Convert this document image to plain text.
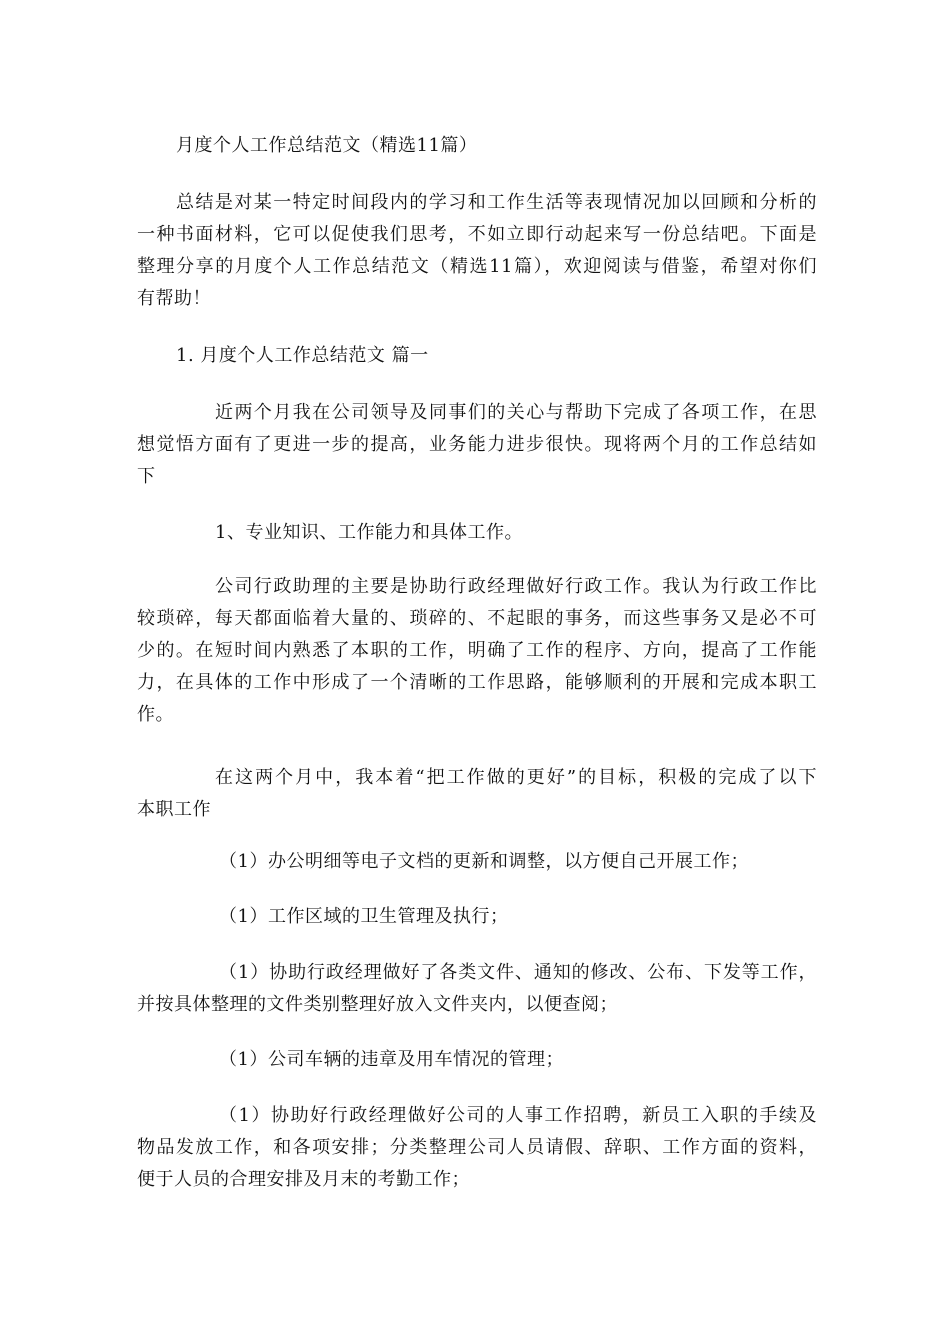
月度个人工作总结范文（精选11篇）

总结是对某一特定时间段内的学习和工作生活等表现情况加以回顾和分析的
一种书面材料，它可以促使我们思考，不如立即行动起来写一份总结吧。下面是
整理分享的月度个人工作总结范文（精选11篇），欢迎阅读与借鉴，希望对你们
有帮助！

1. 月度个人工作总结范文 篇一

近两个月我在公司领导及同事们的关心与帮助下完成了各项工作，在思
想觉悟方面有了更进一步的提高，业务能力进步很快。现将两个月的工作总结如
下

1、专业知识、工作能力和具体工作。

公司行政助理的主要是协助行政经理做好行政工作。我认为行政工作比
较琐碎，每天都面临着大量的、琐碎的、不起眼的事务，而这些事务又是必不可
少的。在短时间内熟悉了本职的工作，明确了工作的程序、方向，提高了工作能
力，在具体的工作中形成了一个清晰的工作思路，能够顺利的开展和完成本职工
作。

在这两个月中，我本着“把工作做的更好”的目标，积极的完成了以下
本职工作

（1）办公明细等电子文档的更新和调整，以方便自己开展工作；

（1）工作区域的卫生管理及执行；

（1）协助行政经理做好了各类文件、通知的修改、公布、下发等工作，
并按具体整理的文件类别整理好放入文件夹内，以便查阅；

（1）公司车辆的违章及用车情况的管理；

（1）协助好行政经理做好公司的人事工作招聘，新员工入职的手续及
物品发放工作，和各项安排；分类整理公司人员请假、辞职、工作方面的资料，
便于人员的合理安排及月末的考勤工作；
